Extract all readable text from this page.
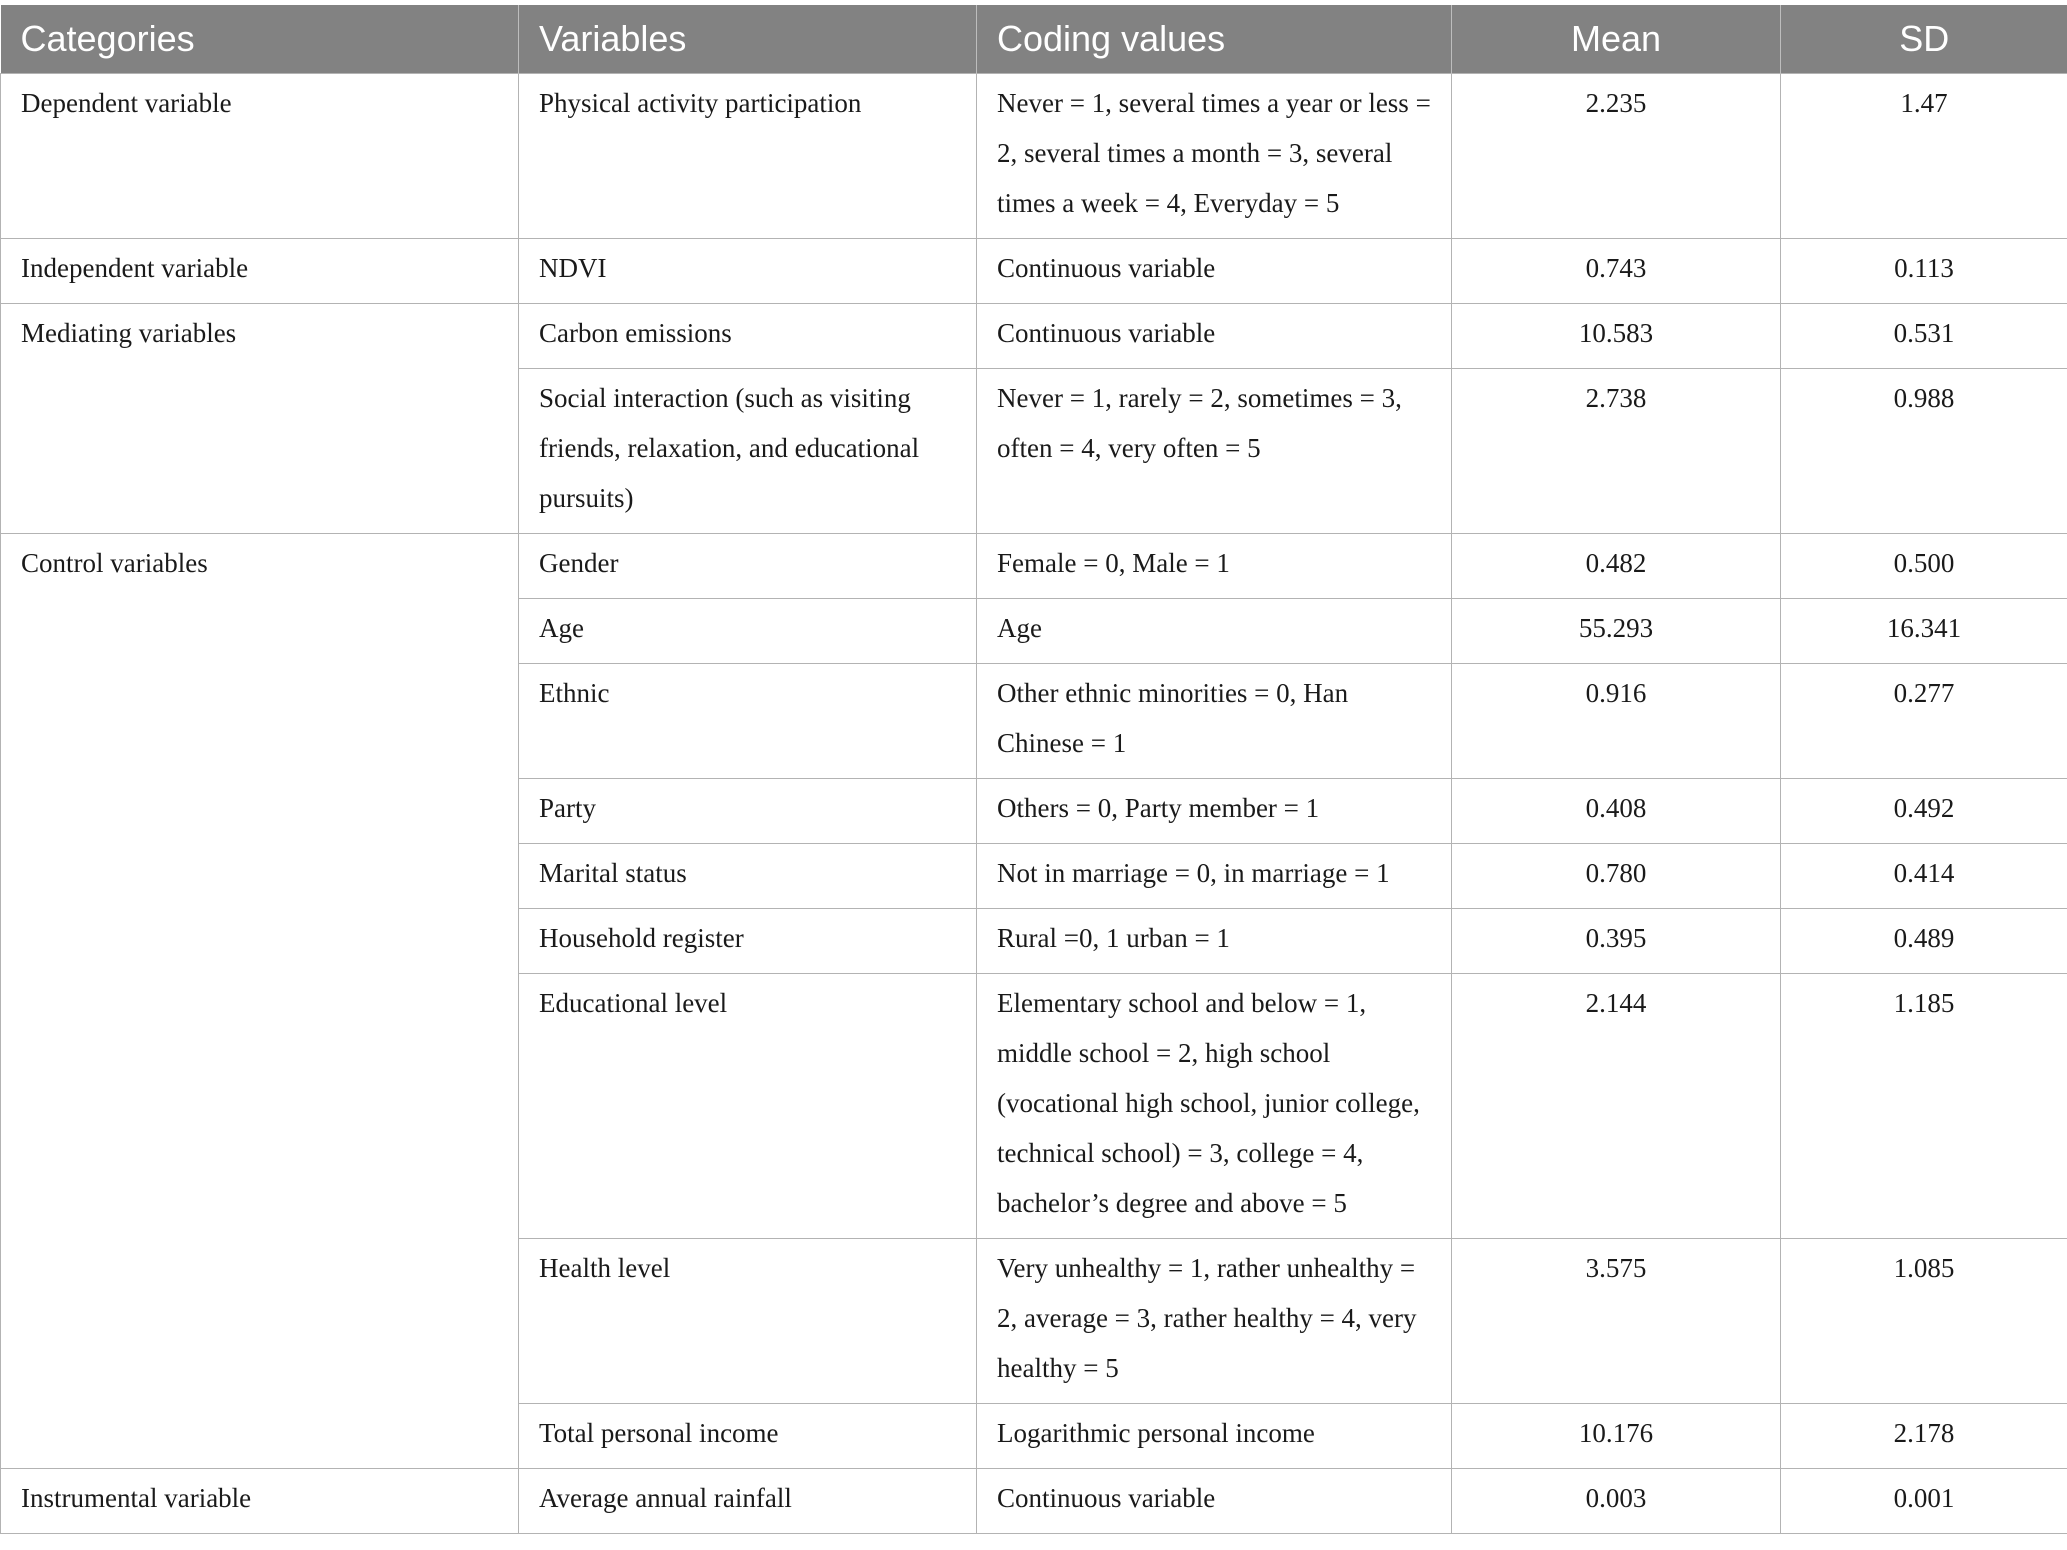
Categories	Variables	Coding values	Mean	SD

Dependent variable	Physical activity participation	Never = 1, several times a year or less = 2, several times a month = 3, several times a week = 4, Everyday = 5	2.235	1.47

Independent variable	NDVI	Continuous variable	0.743	0.113

Mediating variables	Carbon emissions	Continuous variable	10.583	0.531

	Social interaction (such as visiting friends, relaxation, and educational pursuits)	Never = 1, rarely = 2, sometimes = 3, often = 4, very often = 5	2.738	0.988

Control variables	Gender	Female = 0, Male = 1	0.482	0.500

	Age	Age	55.293	16.341

	Ethnic	Other ethnic minorities = 0, Han Chinese = 1	0.916	0.277

	Party	Others = 0, Party member = 1	0.408	0.492

	Marital status	Not in marriage = 0, in marriage = 1	0.780	0.414

	Household register	Rural =0, 1 urban = 1	0.395	0.489

	Educational level	Elementary school and below = 1, middle school = 2, high school (vocational high school, junior college, technical school) = 3, college = 4, bachelor’s degree and above = 5	2.144	1.185

	Health level	Very unhealthy = 1, rather unhealthy = 2, average = 3, rather healthy = 4, very healthy = 5	3.575	1.085

	Total personal income	Logarithmic personal income	10.176	2.178

Instrumental variable	Average annual rainfall	Continuous variable	0.003	0.001
